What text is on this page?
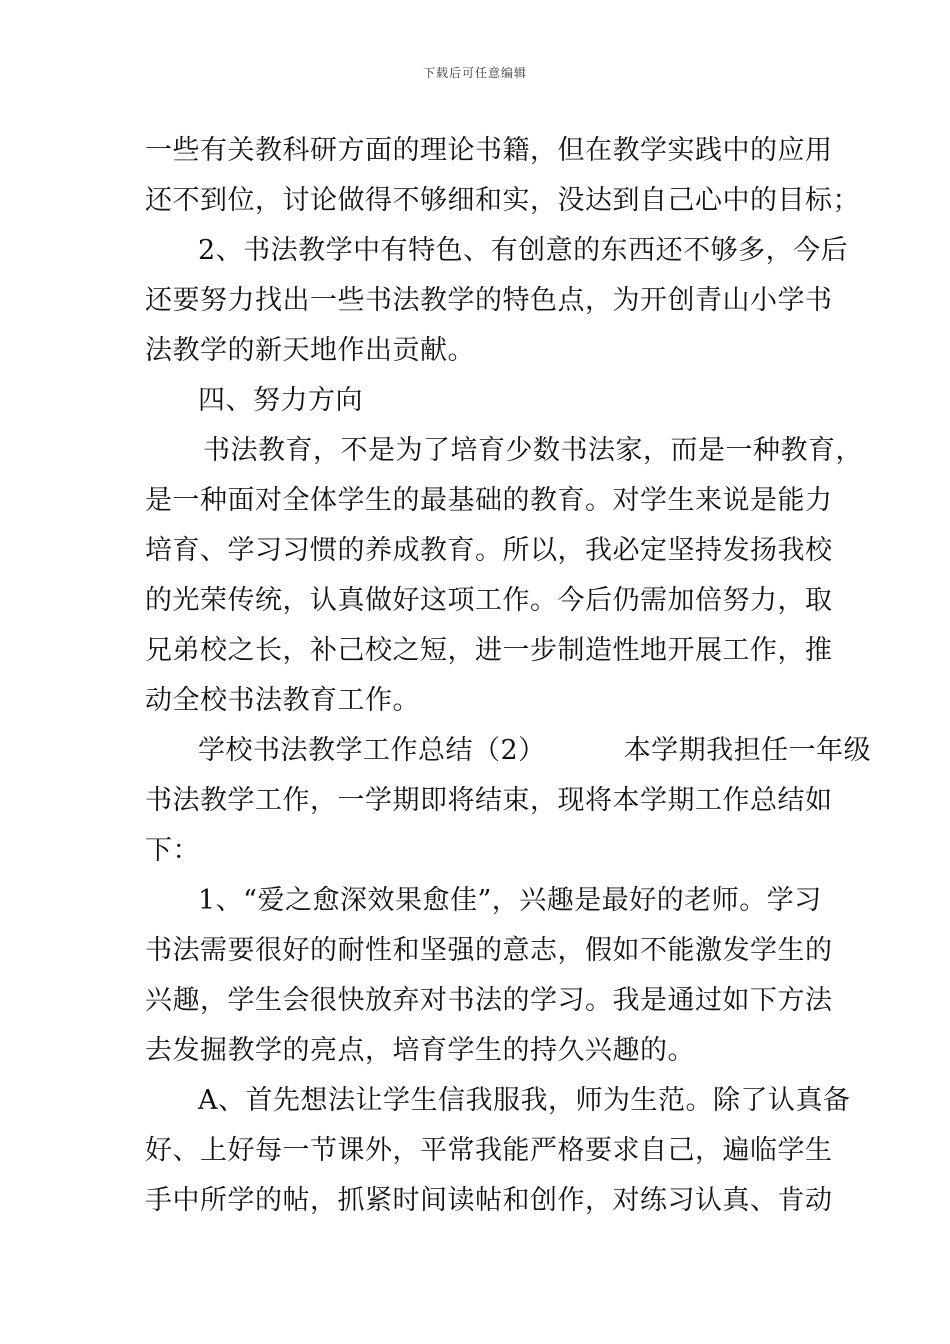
下载后可任意编辑
一些有关教科研方面的理论书籍，但在教学实践中的应用
还不到位，讨论做得不够细和实，没达到自己心中的目标；
2、书法教学中有特色、有创意的东西还不够多，今后
还要努力找出一些书法教学的特色点，为开创青山小学书
法教学的新天地作出贡献。
四、努力方向
书法教育，不是为了培育少数书法家，而是一种教育，
是一种面对全体学生的最基础的教育。对学生来说是能力
培育、学习习惯的养成教育。所以，我必定坚持发扬我校
的光荣传统，认真做好这项工作。今后仍需加倍努力，取
兄弟校之长，补己校之短，进一步制造性地开展工作，推
动全校书法教育工作。
学校书法教学工作总结（2）	本学期我担任一年级
书法教学工作，一学期即将结束，现将本学期工作总结如
下：
1、“爱之愈深效果愈佳”，兴趣是最好的老师。学习
书法需要很好的耐性和坚强的意志，假如不能激发学生的
兴趣，学生会很快放弃对书法的学习。我是通过如下方法
去发掘教学的亮点，培育学生的持久兴趣的。
A、首先想法让学生信我服我，师为生范。除了认真备
好、上好每一节课外，平常我能严格要求自己，遍临学生
手中所学的帖，抓紧时间读帖和创作，对练习认真、肯动
